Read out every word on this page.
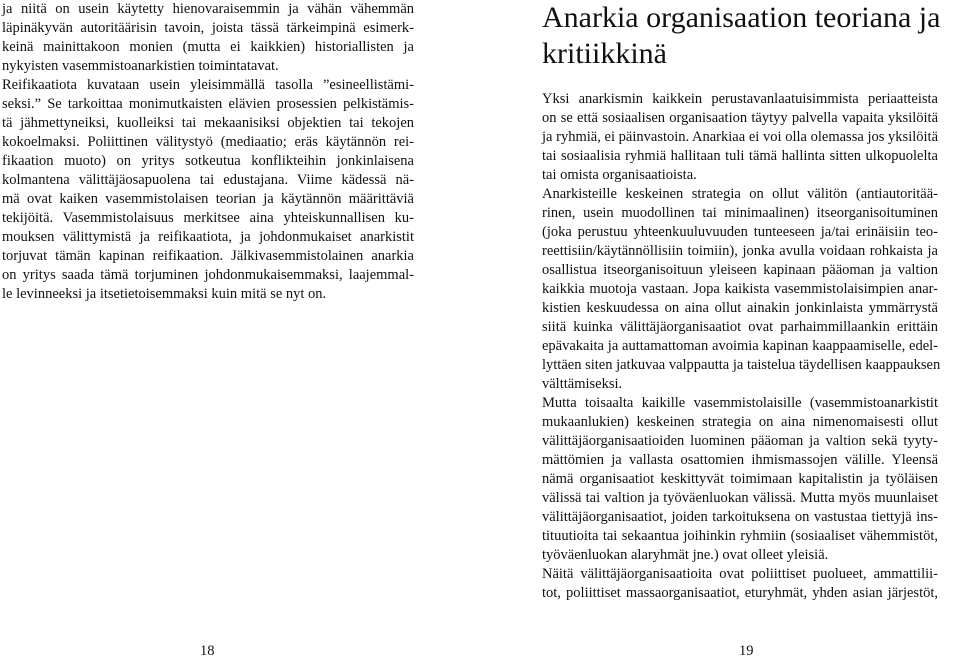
ja niitä on usein käytetty hienovaraisemmin ja vähän vähemmän
läpinäkyvän autoritäärisin tavoin, joista tässä tärkeimpinä esimerk-
keinä mainittakoon monien (mutta ei kaikkien) historiallisten ja
nykyisten vasemmistoanarkistien toimintatavat.
Reifikaatiota kuvataan usein yleisimmällä tasolla ”esineellistämi-
seksi.” Se tarkoittaa monimutkaisten elävien prosessien pelkistämis-
tä jähmettyneiksi, kuolleiksi tai mekaanisiksi objektien tai tekojen
kokoelmaksi. Poliittinen välitystyö (mediaatio; eräs käytännön rei-
fikaation muoto) on yritys sotkeutua konflikteihin jonkinlaisena
kolmantena välittäjäosapuolena tai edustajana. Viime kädessä nä-
mä ovat kaiken vasemmistolaisen teorian ja käytännön määrittäviä
tekijöitä. Vasemmistolaisuus merkitsee aina yhteiskunnallisen ku-
mouksen välittymistä ja reifikaatiota, ja johdonmukaiset anarkistit
torjuvat tämän kapinan reifikaation. Jälkivasemmistolainen anarkia
on yritys saada tämä torjuminen johdonmukaisemmaksi, laajemmal-
le levinneeksi ja itsetietoisemmaksi kuin mitä se nyt on.
18
Anarkia organisaation teoriana ja
kritiikkinä
Yksi anarkismin kaikkein perustavanlaatuisimmista periaatteista
on se että sosiaalisen organisaation täytyy palvella vapaita yksilöitä
ja ryhmiä, ei päinvastoin. Anarkiaa ei voi olla olemassa jos yksilöitä
tai sosiaalisia ryhmiä hallitaan tuli tämä hallinta sitten ulkopuolelta
tai omista organisaatioista.
Anarkisteille keskeinen strategia on ollut välitön (antiautoritää-
rinen, usein muodollinen tai minimaalinen) itseorganisoituminen
(joka perustuu yhteenkuuluvuuden tunteeseen ja/tai erinäisiin teo-
reettisiin/käytännöllisiin toimiin), jonka avulla voidaan rohkaista ja
osallistua itseorganisoituun yleiseen kapinaan pääoman ja valtion
kaikkia muotoja vastaan. Jopa kaikista vasemmistolaisimpien anar-
kistien keskuudessa on aina ollut ainakin jonkinlaista ymmärrystä
siitä kuinka välittäjäorganisaatiot ovat parhaimmillaankin erittäin
epävakaita ja auttamattoman avoimia kapinan kaappaamiselle, edel-
lyttäen siten jatkuvaa valppautta ja taistelua täydellisen kaappauksen
välttämiseksi.
Mutta toisaalta kaikille vasemmistolaisille (vasemmistoanarkistit
mukaanlukien) keskeinen strategia on aina nimenomaisesti ollut
välittäjäorganisaatioiden luominen pääoman ja valtion sekä tyyty-
mättömien ja vallasta osattomien ihmismassojen välille. Yleensä
nämä organisaatiot keskittyvät toimimaan kapitalistin ja työläisen
välissä tai valtion ja työväenluokan välissä. Mutta myös muunlaiset
välittäjäorganisaatiot, joiden tarkoituksena on vastustaa tiettyjä ins-
tituutioita tai sekaantua joihinkin ryhmiin (sosiaaliset vähemmistöt,
työväenluokan alaryhmät jne.) ovat olleet yleisiä.
Näitä välittäjäorganisaatioita ovat poliittiset puolueet, ammattilii-
tot, poliittiset massaorganisaatiot, eturyhmät, yhden asian järjestöt,
19
